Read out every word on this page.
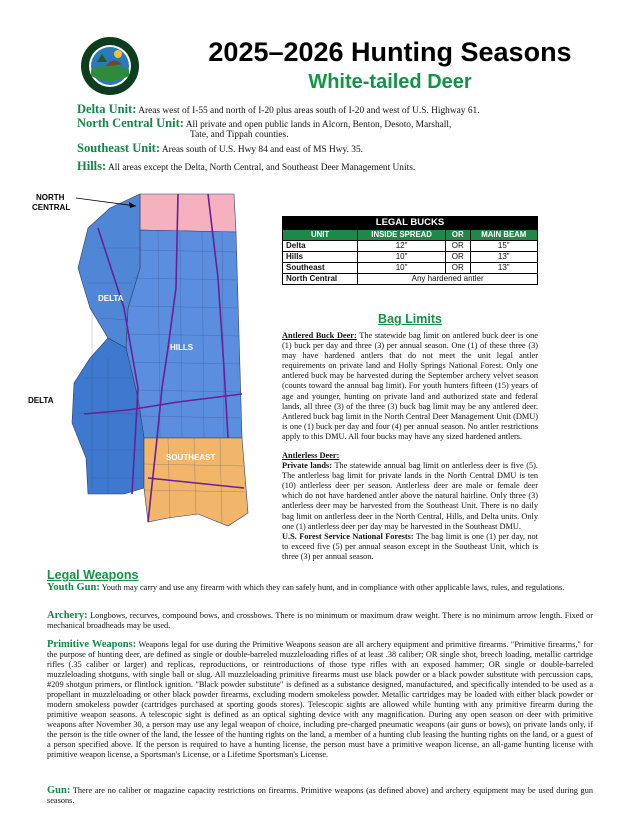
2025–2026 Hunting Seasons
White-tailed Deer
Delta Unit: Areas west of I-55 and north of I-20 plus areas south of I-20 and west of U.S. Highway 61.
North Central Unit: All private and open public lands in Alcorn, Benton, Desoto, Marshall,
Tate, and Tippah counties.
Southeast Unit: Areas south of U.S. Hwy 84 and east of MS Hwy. 35.
Hills: All areas except the Delta, North Central, and Southeast Deer Management Units.
NORTH
CENTRAL
DELTA
HILLS
DELTA
SOUTHEAST
LEGAL BUCKS			
UNIT	INSIDE SPREAD	OR	MAIN BEAM
Delta	12"	OR	15"
Hills	10"	OR	13"
Southeast	10"	OR	13"
North Central	Any hardened antler		
Bag Limits
Antlered Buck Deer: The statewide bag limit on antlered buck deer is one (1) buck per day and three (3) per annual season. One (1) of these three (3) may have hardened antlers that do not meet the unit legal antler requirements on private land and Holly Springs National Forest. Only one antlered buck may be harvested during the September archery velvet season (counts toward the annual bag limit). For youth hunters fifteen (15) years of age and younger, hunting on private land and authorized state and federal lands, all three (3) of the three (3) buck bag limit may be any antlered deer. Antlered buck bag limit in the North Central Deer Management Unit (DMU) is one (1) buck per day and four (4) per annual season. No antler restrictions apply to this DMU. All four bucks may have any sized hardened antlers.
Antlerless Deer:
Private lands: The statewide annual bag limit on antlerless deer is five (5). The antlerless bag limit for private lands in the North Central DMU is ten (10) antlerless deer per season. Antlerless deer are male or female deer which do not have hardened antler above the natural hairline. Only three (3) antlerless deer may be harvested from the Southeast Unit. There is no daily bag limit on antlerless deer in the North Central, Hills, and Delta units. Only one (1) antlerless deer per day may be harvested in the Southeast DMU.
U.S. Forest Service National Forests: The bag limit is one (1) per day, not to exceed five (5) per annual season except in the Southeast Unit, which is three (3) per annual season.
Legal Weapons
Youth Gun: Youth may carry and use any firearm with which they can safely hunt, and in compliance with other applicable laws, rules, and regulations.
Archery: Longbows, recurves, compound bows, and crossbows. There is no minimum or maximum draw weight. There is no minimum arrow length. Fixed or mechanical broadheads may be used.
Primitive Weapons: Weapons legal for use during the Primitive Weapons season are all archery equipment and primitive firearms. "Primitive firearms," for the purpose of hunting deer, are defined as single or double-barreled muzzleloading rifles of at least .38 caliber; OR single shot, breech loading, metallic cartridge rifles (.35 caliber or larger) and replicas, reproductions, or reintroductions of those type rifles with an exposed hammer; OR single or double-barreled muzzleloading shotguns, with single ball or slug. All muzzleloading primitive firearms must use black powder or a black powder substitute with percussion caps, #209 shotgun primers, or flintlock ignition. "Black powder substitute" is defined as a substance designed, manufactured, and specifically intended to be used as a propellant in muzzleloading or other black powder firearms, excluding modern smokeless powder. Metallic cartridges may be loaded with either black powder or modern smokeless powder (cartridges purchased at sporting goods stores). Telescopic sights are allowed while hunting with any primitive firearm during the primitive weapon seasons. A telescopic sight is defined as an optical sighting device with any magnification. During any open season on deer with primitive weapons after November 30, a person may use any legal weapon of choice, including pre-charged pneumatic weapons (air guns or bows), on private lands only, if the person is the title owner of the land, the lessee of the hunting rights on the land, a member of a hunting club leasing the hunting rights on the land, or a guest of a person specified above. If the person is required to have a hunting license, the person must have a primitive weapon license, an all-game hunting license with primitive weapon license, a Sportsman's License, or a Lifetime Sportsman's License.
Gun: There are no caliber or magazine capacity restrictions on firearms. Primitive weapons (as defined above) and archery equipment may be used during gun seasons.
